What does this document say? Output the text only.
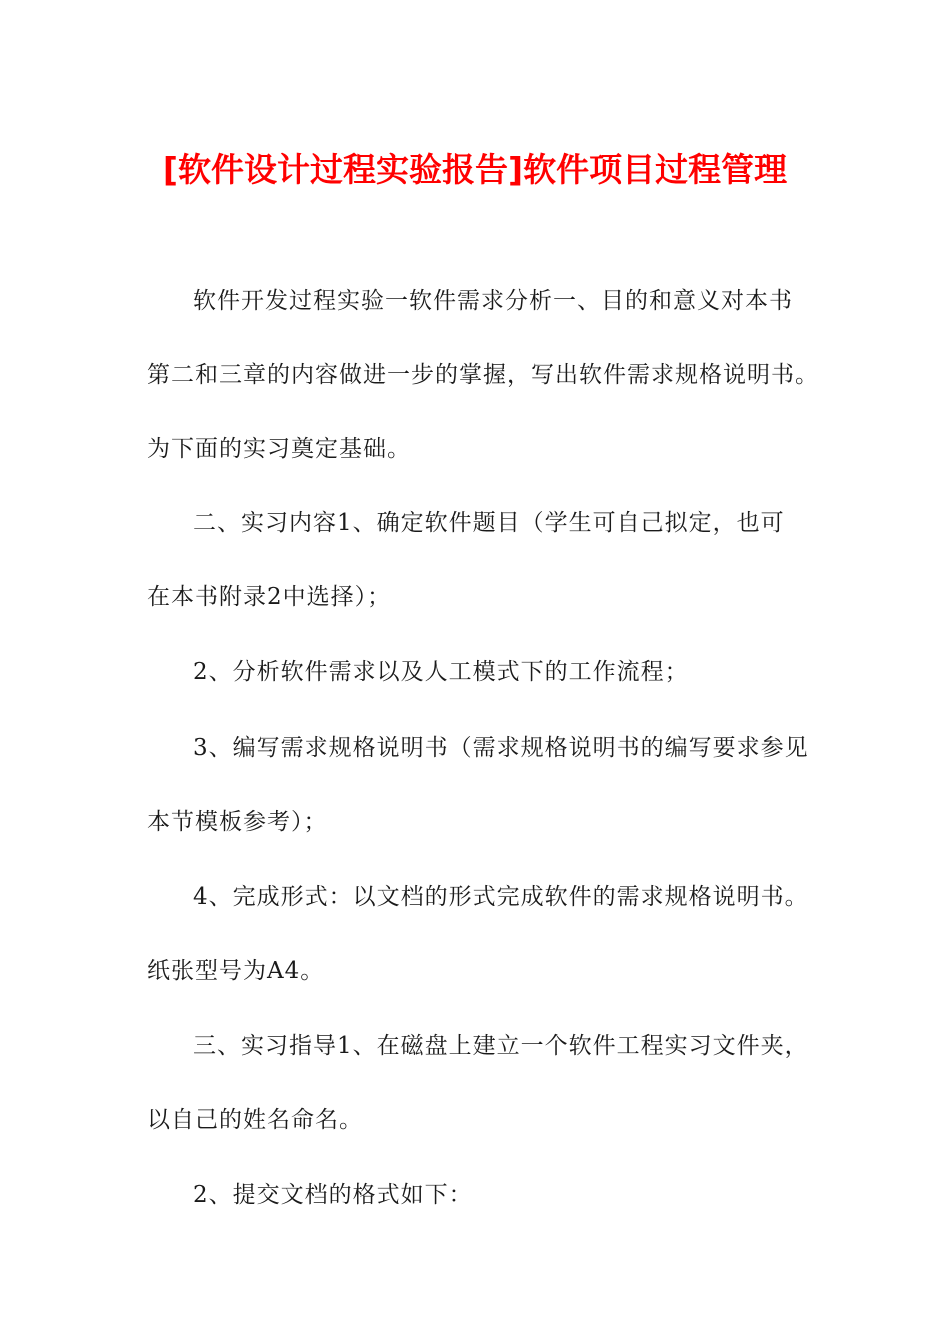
[软件设计过程实验报告]软件项目过程管理
软件开发过程实验一软件需求分析一、目的和意义对本书
第二和三章的内容做进一步的掌握，写出软件需求规格说明书。
为下面的实习奠定基础。
二、实习内容1、确定软件题目（学生可自己拟定，也可
在本书附录2中选择）；
2、分析软件需求以及人工模式下的工作流程；
3、编写需求规格说明书（需求规格说明书的编写要求参见
本节模板参考）；
4、完成形式：以文档的形式完成软件的需求规格说明书。
纸张型号为A4。
三、实习指导1、在磁盘上建立一个软件工程实习文件夹，
以自己的姓名命名。
2、提交文档的格式如下：
